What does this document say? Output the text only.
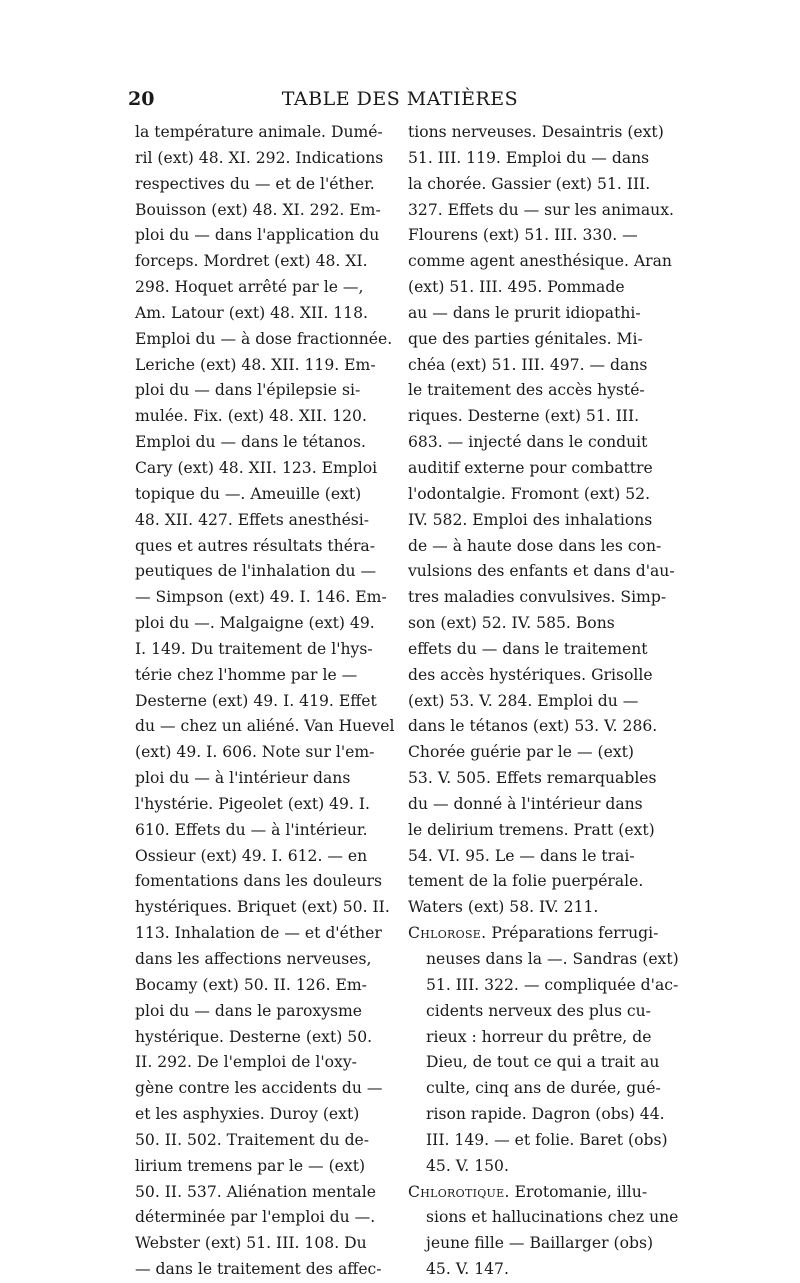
20	TABLE DES MATIÈRES
la température animale. Dumé-
ril (ext) 48. XI. 292. Indications
respectives du — et de l'éther.
Bouisson (ext) 48. XI. 292. Em-
ploi du — dans l'application du
forceps. Mordret (ext) 48. XI.
298. Hoquet arrêté par le —,
Am. Latour (ext) 48. XII. 118.
Emploi du — à dose fractionnée.
Leriche (ext) 48. XII. 119. Em-
ploi du — dans l'épilepsie si-
mulée. Fix. (ext) 48. XII. 120.
Emploi du — dans le tétanos.
Cary (ext) 48. XII. 123. Emploi
topique du —. Ameuille (ext)
48. XII. 427. Effets anesthési-
ques et autres résultats théra-
peutiques de l'inhalation du —
— Simpson (ext) 49. I. 146. Em-
ploi du —. Malgaigne (ext) 49.
I. 149. Du traitement de l'hys-
térie chez l'homme par le —
Desterne (ext) 49. I. 419. Effet
du — chez un aliéné. Van Huevel
(ext) 49. I. 606. Note sur l'em-
ploi du — à l'intérieur dans
l'hystérie. Pigeolet (ext) 49. I.
610. Effets du — à l'intérieur.
Ossieur (ext) 49. I. 612. — en
fomentations dans les douleurs
hystériques. Briquet (ext) 50. II.
113. Inhalation de — et d'éther
dans les affections nerveuses,
Bocamy (ext) 50. II. 126. Em-
ploi du — dans le paroxysme
hystérique. Desterne (ext) 50.
II. 292. De l'emploi de l'oxy-
gène contre les accidents du —
et les asphyxies. Duroy (ext)
50. II. 502. Traitement du de-
lirium tremens par le — (ext)
50. II. 537. Aliénation mentale
déterminée par l'emploi du —.
Webster (ext) 51. III. 108. Du
— dans le traitement des affec-
tions nerveuses. Desaintris (ext)
51. III. 119. Emploi du — dans
la chorée. Gassier (ext) 51. III.
327. Effets du — sur les animaux.
Flourens (ext) 51. III. 330. —
comme agent anesthésique. Aran
(ext) 51. III. 495. Pommade
au — dans le prurit idiopathi-
que des parties génitales. Mi-
chéa (ext) 51. III. 497. — dans
le traitement des accès hysté-
riques. Desterne (ext) 51. III.
683. — injecté dans le conduit
auditif externe pour combattre
l'odontalgie. Fromont (ext) 52.
IV. 582. Emploi des inhalations
de — à haute dose dans les con-
vulsions des enfants et dans d'au-
tres maladies convulsives. Simp-
son (ext) 52. IV. 585. Bons
effets du — dans le traitement
des accès hystériques. Grisolle
(ext) 53. V. 284. Emploi du —
dans le tétanos (ext) 53. V. 286.
Chorée guérie par le — (ext)
53. V. 505. Effets remarquables
du — donné à l'intérieur dans
le delirium tremens. Pratt (ext)
54. VI. 95. Le — dans le trai-
tement de la folie puerpérale.
Waters (ext) 58. IV. 211.
Chlorose. Préparations ferrugi-
neuses dans la —. Sandras (ext)
51. III. 322. — compliquée d'ac-
cidents nerveux des plus cu-
rieux : horreur du prêtre, de
Dieu, de tout ce qui a trait au
culte, cinq ans de durée, gué-
rison rapide. Dagron (obs) 44.
III. 149. — et folie. Baret (obs)
45. V. 150.
Chlorotique. Erotomanie, illu-
sions et hallucinations chez une
jeune fille — Baillarger (obs)
45. V. 147.
